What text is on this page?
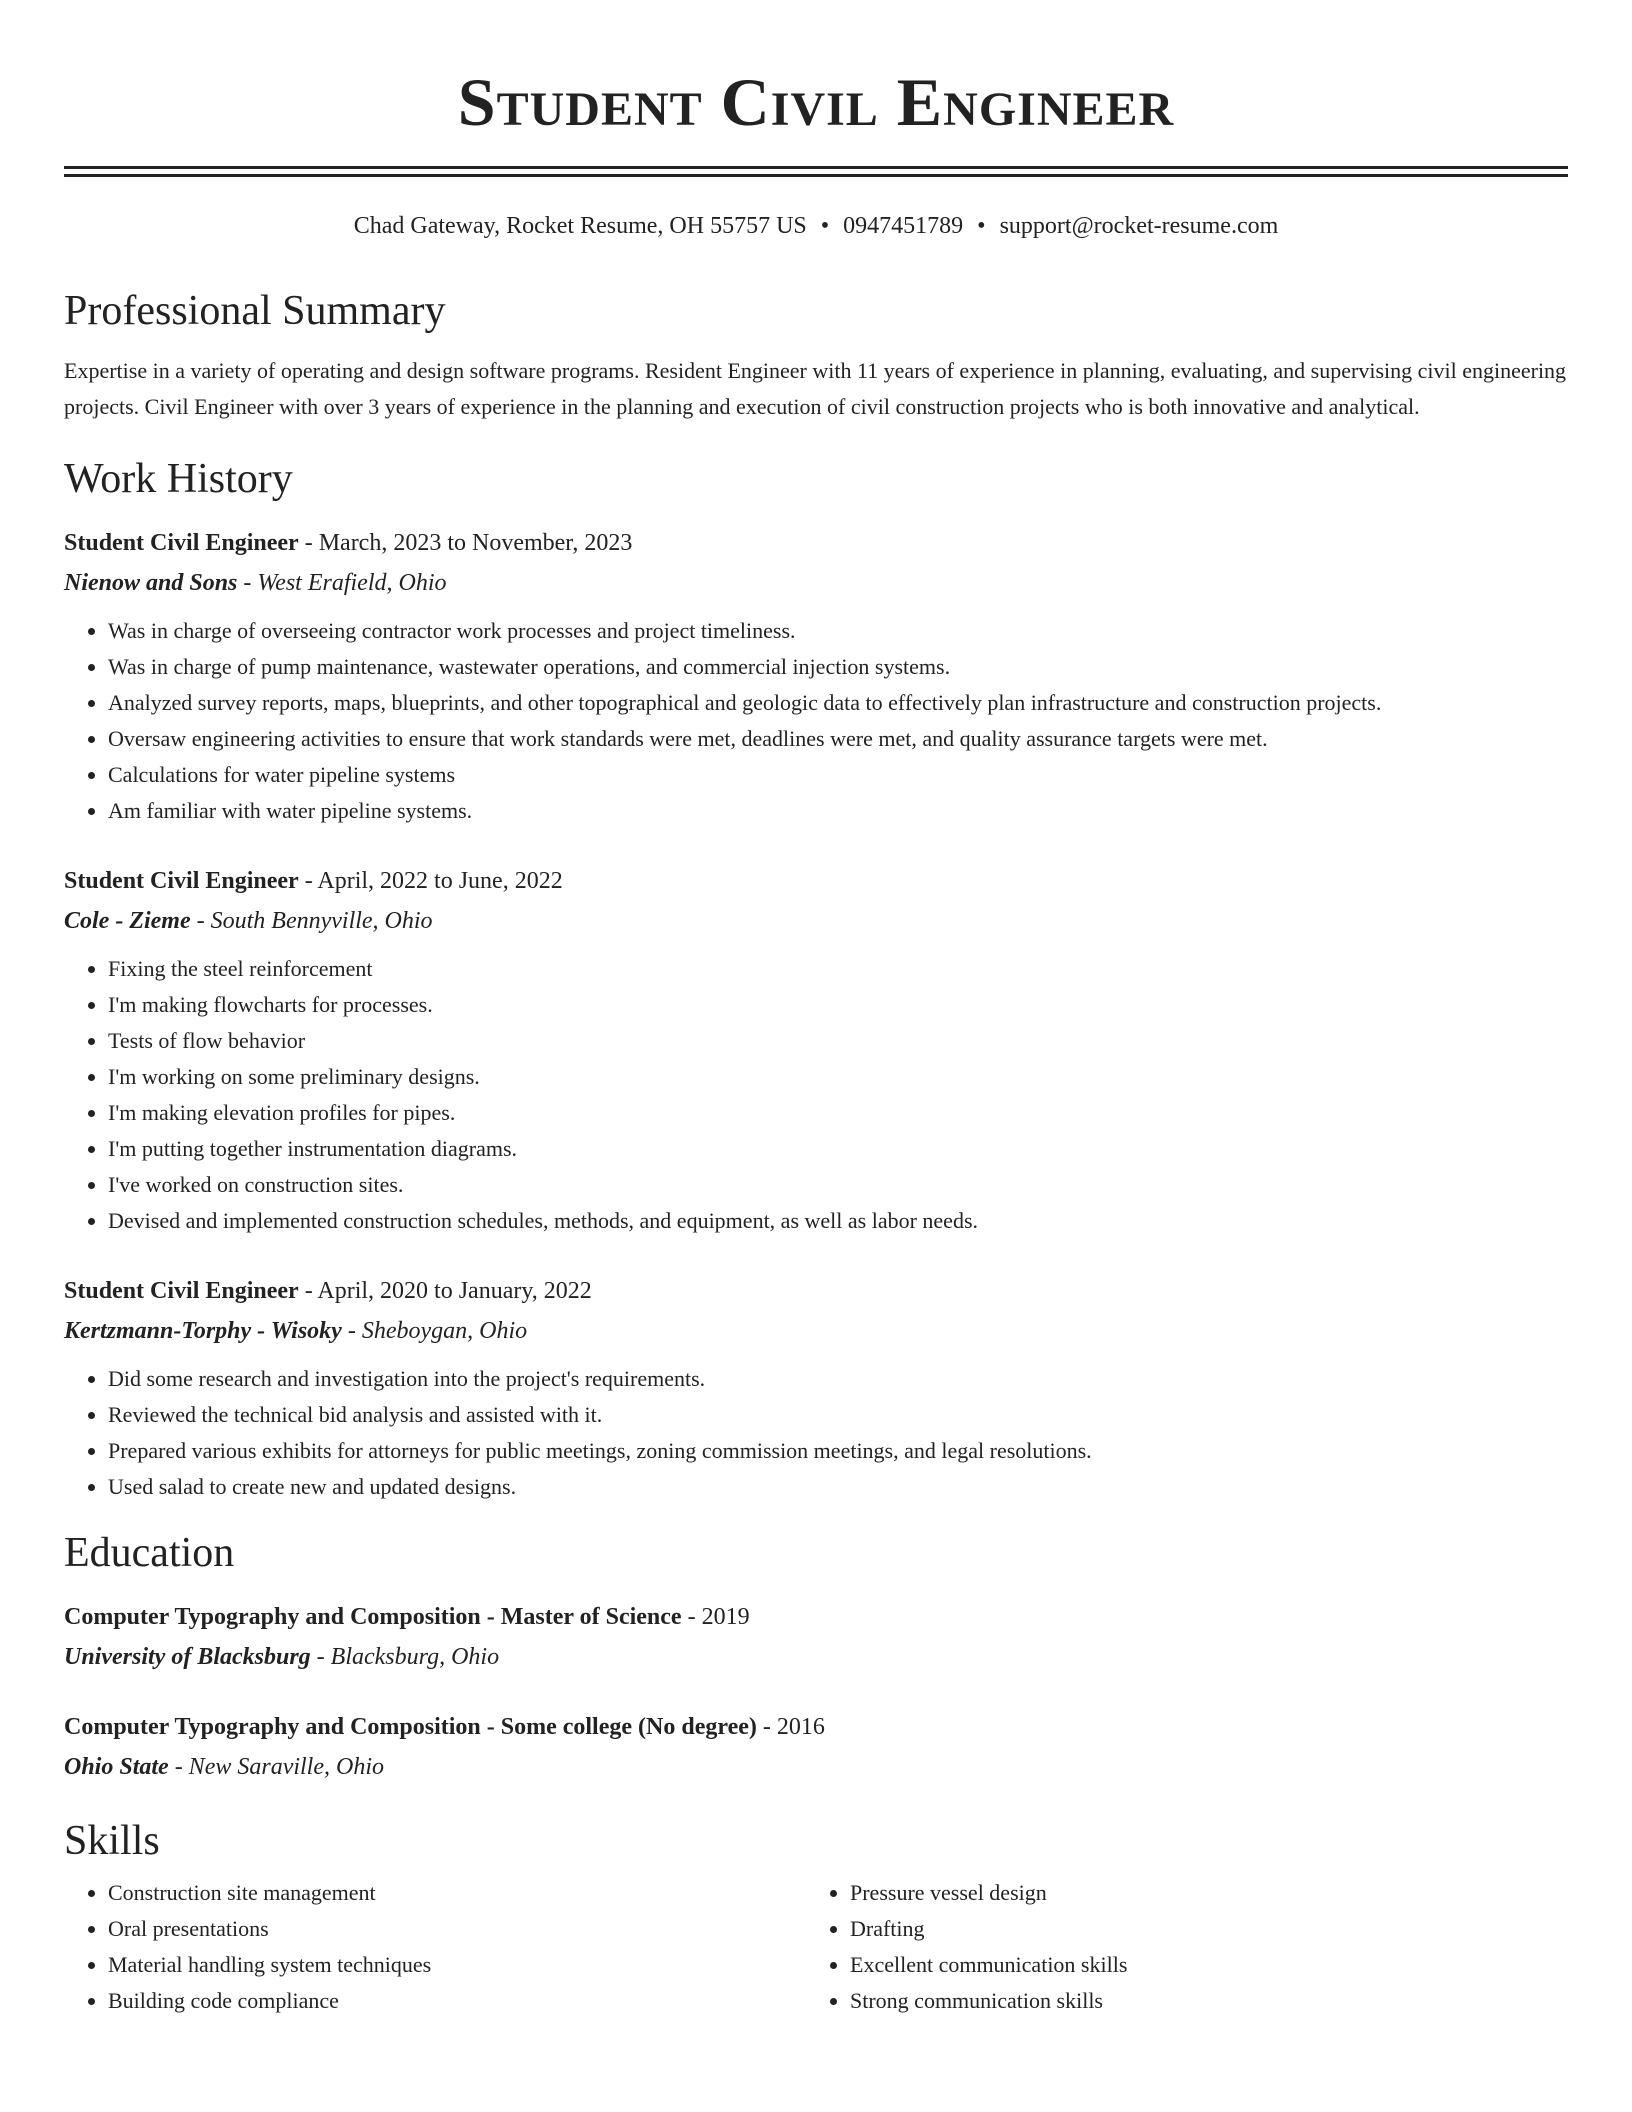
Student Civil Engineer
Chad Gateway, Rocket Resume, OH 55757 US • 0947451789 • support@rocket-resume.com
Professional Summary
Expertise in a variety of operating and design software programs. Resident Engineer with 11 years of experience in planning, evaluating, and supervising civil engineering projects. Civil Engineer with over 3 years of experience in the planning and execution of civil construction projects who is both innovative and analytical.
Work History
Student Civil Engineer - March, 2023 to November, 2023
Nienow and Sons - West Erafield, Ohio
• Was in charge of overseeing contractor work processes and project timeliness.
• Was in charge of pump maintenance, wastewater operations, and commercial injection systems.
• Analyzed survey reports, maps, blueprints, and other topographical and geologic data to effectively plan infrastructure and construction projects.
• Oversaw engineering activities to ensure that work standards were met, deadlines were met, and quality assurance targets were met.
• Calculations for water pipeline systems
• Am familiar with water pipeline systems.
Student Civil Engineer - April, 2022 to June, 2022
Cole - Zieme - South Bennyville, Ohio
• Fixing the steel reinforcement
• I'm making flowcharts for processes.
• Tests of flow behavior
• I'm working on some preliminary designs.
• I'm making elevation profiles for pipes.
• I'm putting together instrumentation diagrams.
• I've worked on construction sites.
• Devised and implemented construction schedules, methods, and equipment, as well as labor needs.
Student Civil Engineer - April, 2020 to January, 2022
Kertzmann-Torphy - Wisoky - Sheboygan, Ohio
• Did some research and investigation into the project's requirements.
• Reviewed the technical bid analysis and assisted with it.
• Prepared various exhibits for attorneys for public meetings, zoning commission meetings, and legal resolutions.
• Used salad to create new and updated designs.
Education
Computer Typography and Composition - Master of Science - 2019
University of Blacksburg - Blacksburg, Ohio
Computer Typography and Composition - Some college (No degree) - 2016
Ohio State - New Saraville, Ohio
Skills
• Construction site management
• Oral presentations
• Material handling system techniques
• Building code compliance
• Pressure vessel design
• Drafting
• Excellent communication skills
• Strong communication skills
